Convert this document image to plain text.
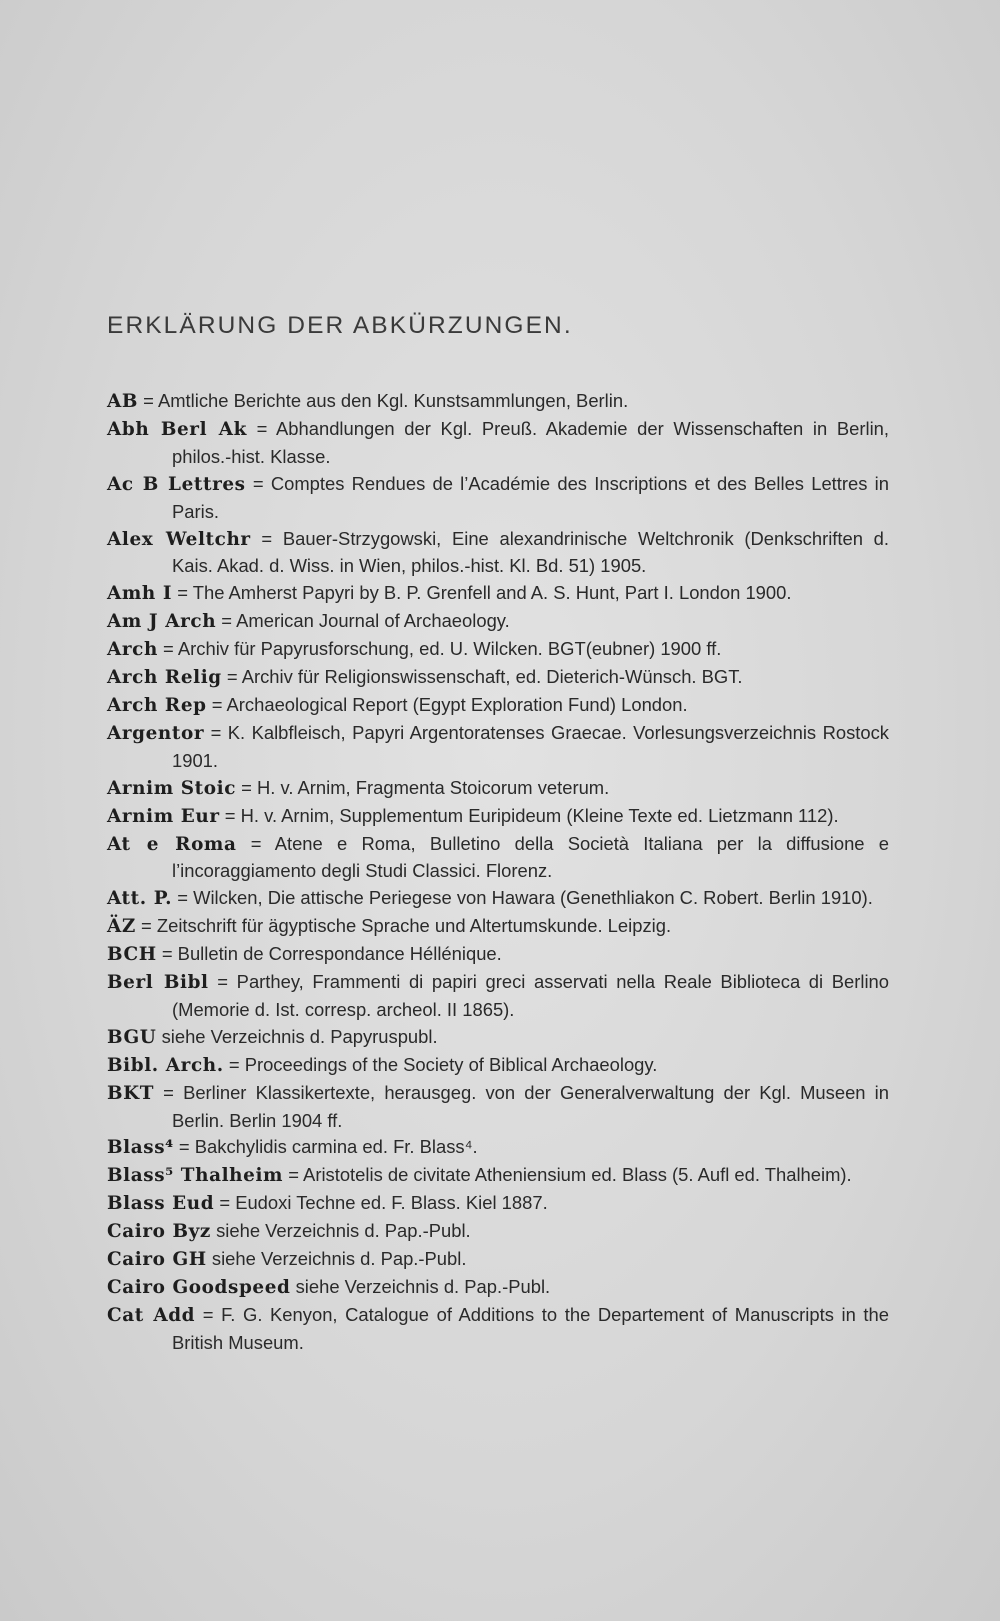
ERKLÄRUNG DER ABKÜRZUNGEN.
AB = Amtliche Berichte aus den Kgl. Kunstsammlungen, Berlin.
Abh Berl Ak = Abhandlungen der Kgl. Preuß. Akademie der Wissenschaften in Berlin, philos.-hist. Klasse.
Ac B Lettres = Comptes Rendues de l’Académie des Inscriptions et des Belles Lettres in Paris.
Alex Weltchr = Bauer-Strzygowski, Eine alexandrinische Weltchronik (Denkschriften d. Kais. Akad. d. Wiss. in Wien, philos.-hist. Kl. Bd. 51) 1905.
Amh I = The Amherst Papyri by B. P. Grenfell and A. S. Hunt, Part I. London 1900.
Am J Arch = American Journal of Archaeology.
Arch = Archiv für Papyrusforschung, ed. U. Wilcken. BGT(eubner) 1900 ff.
Arch Relig = Archiv für Religionswissenschaft, ed. Dieterich-Wünsch. BGT.
Arch Rep = Archaeological Report (Egypt Exploration Fund) London.
Argentor = K. Kalbfleisch, Papyri Argentoratenses Graecae. Vorlesungsverzeichnis Rostock 1901.
Arnim Stoic = H. v. Arnim, Fragmenta Stoicorum veterum.
Arnim Eur = H. v. Arnim, Supplementum Euripideum (Kleine Texte ed. Lietzmann 112).
At e Roma = Atene e Roma, Bulletino della Società Italiana per la diffusione e l’incoraggiamento degli Studi Classici. Florenz.
Att. P. = Wilcken, Die attische Periegese von Hawara (Genethliakon C. Robert. Berlin 1910).
ÄZ = Zeitschrift für ägyptische Sprache und Altertumskunde. Leipzig.
BCH = Bulletin de Correspondance Héllénique.
Berl Bibl = Parthey, Frammenti di papiri greci asservati nella Reale Biblioteca di Berlino (Memorie d. Ist. corresp. archeol. II 1865).
BGU siehe Verzeichnis d. Papyruspubl.
Bibl. Arch. = Proceedings of the Society of Biblical Archaeology.
BKT = Berliner Klassikertexte, herausgeg. von der Generalverwaltung der Kgl. Museen in Berlin. Berlin 1904 ff.
Blass⁴ = Bakchylidis carmina ed. Fr. Blass⁴.
Blass⁵ Thalheim = Aristotelis de civitate Atheniensium ed. Blass (5. Aufl ed. Thalheim).
Blass Eud = Eudoxi Techne ed. F. Blass. Kiel 1887.
Cairo Byz siehe Verzeichnis d. Pap.-Publ.
Cairo GH siehe Verzeichnis d. Pap.-Publ.
Cairo Goodspeed siehe Verzeichnis d. Pap.-Publ.
Cat Add = F. G. Kenyon, Catalogue of Additions to the Departement of Manuscripts in the British Museum.
